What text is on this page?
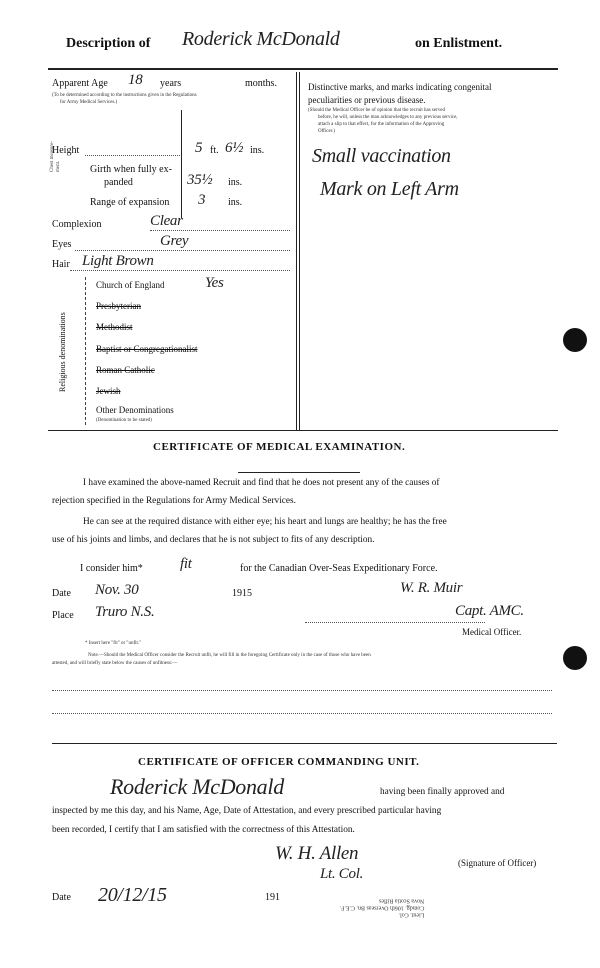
Description of Roderick McDonald	on Enlistment.
Apparent Age 18 years	months.
(To be determined according to the instructions given in the Regulations
for Army Medical Services.)
Height	5 ft. 6½ ins.
Chest measure-ment.	Girth when fully ex-
panded	35½ ins.
Range of expansion 3 ins.
Complexion	Clear
Eyes	Grey
Hair Light Brown
Religious denominations
Church of England	Yes
Presbyterian
Methodist
Baptist or Congregationalist
Roman Catholic
Jewish
Other Denominations
(Denomination to be stated)
Distinctive marks, and marks indicating congenital
peculiarities or previous disease.
(Should the Medical Officer be of opinion that the recruit has served
before, he will, unless the man acknowledges to any previous service,
attach a slip to that effect, for the information of the Approving
Officer.)
Small vaccination
Mark on Left Arm
CERTIFICATE OF MEDICAL EXAMINATION.
I have examined the above-named Recruit and find that he does not present any of the causes of
rejection specified in the Regulations for Army Medical Services.
He can see at the required distance with either eye; his heart and lungs are healthy; he has the free
use of his joints and limbs, and declares that he is not subject to fits of any description.
I consider him* fit	for the Canadian Over-Seas Expeditionary Force.
Date Nov. 30	1915	W. R. Muir
Place Truro N.S.	Capt. AMC.
Medical Officer.
* Insert here "fit" or "unfit."
Note.—Should the Medical Officer consider the Recruit unfit, he will fill in the foregoing Certificate only in the case of those who have been
attested, and will briefly state below the causes of unfitness:—
CERTIFICATE OF OFFICER COMMANDING UNIT.
Roderick McDonald	having been finally approved and
inspected by me this day, and his Name, Age, Date of Attestation, and every prescribed particular having
been recorded, I certify that I am satisfied with the correctness of this Attestation.
W. H. Allen	(Signature of Officer)
Lt. Col.
Date 20/12/15	191
Lieut. Col.
Comdg. 106th Overseas Bn. C.E.F.
Nova Scotia Rifles
